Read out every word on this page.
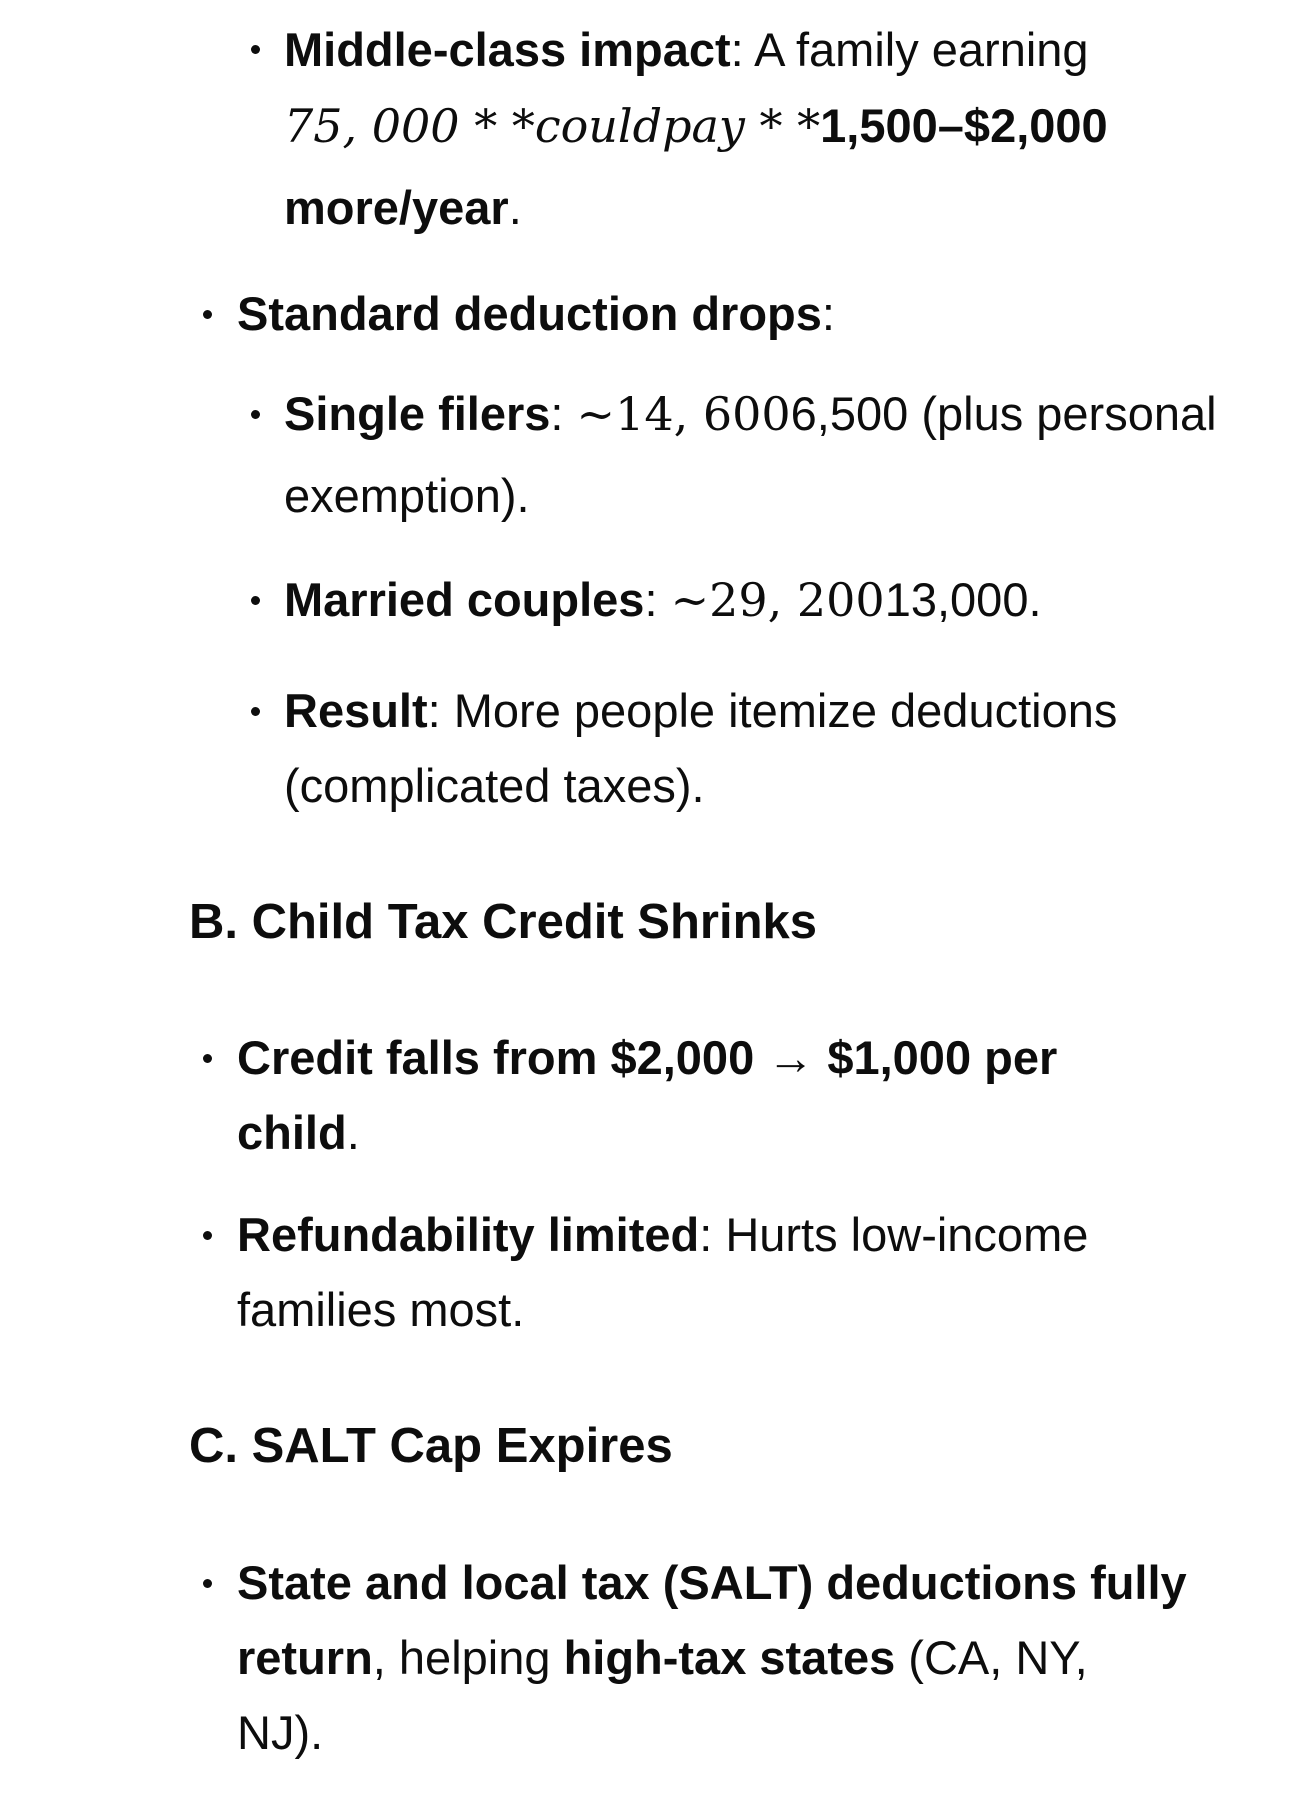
Middle-class impact: A family earning
75, 000 * *couldpay * *1,500–$2,000
more/year.
Standard deduction drops:
Single filers: ~14, 6006,500 (plus personal
exemption).
Married couples: ~29, 20013,000.
Result: More people itemize deductions
(complicated taxes).
B. Child Tax Credit Shrinks
Credit falls from $2,000 → $1,000 per
child.
Refundability limited: Hurts low-income
families most.
C. SALT Cap Expires
State and local tax (SALT) deductions fully
return, helping high-tax states (CA, NY,
NJ).
